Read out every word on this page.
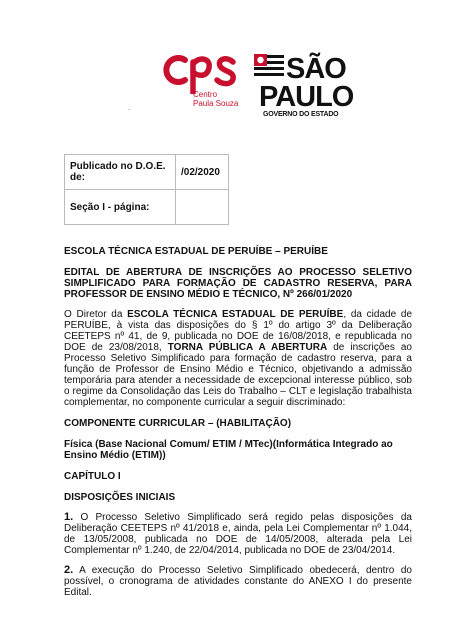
Centro
Paula Souza
SÃO
PAULO
GOVERNO DO ESTADO
.
Publicado no D.O.E. de:	/02/2020
Seção I - página:	

ESCOLA TÉCNICA ESTADUAL DE PERUÍBE – PERUÍBE

EDITAL DE ABERTURA DE INSCRIÇÕES AO PROCESSO SELETIVO SIMPLIFICADO PARA FORMAÇÃO DE CADASTRO RESERVA, PARA PROFESSOR DE ENSINO MÉDIO E TÉCNICO, Nº 266/01/2020

O Diretor da ESCOLA TÉCNICA ESTADUAL DE PERUÍBE, da cidade de PERUÍBE, à vista das disposições do § 1º do artigo 3º da Deliberação CEETEPS nº 41, de 9, publicada no DOE de 16/08/2018, e republicada no DOE de 23/08/2018, TORNA PÚBLICA A ABERTURA de inscrições ao Processo Seletivo Simplificado para formação de cadastro reserva, para a função de Professor de Ensino Médio e Técnico, objetivando a admissão temporária para atender a necessidade de excepcional interesse público, sob o regime da Consolidação das Leis do Trabalho – CLT e legislação trabalhista complementar, no componente curricular a seguir discriminado:

COMPONENTE CURRICULAR – (HABILITAÇÃO)

Física (Base Nacional Comum/ ETIM / MTec)(Informática Integrado ao Ensino Médio (ETIM))

CAPÍTULO I

DISPOSIÇÕES INICIAIS

1. O Processo Seletivo Simplificado será regido pelas disposições da Deliberação CEETEPS nº 41/2018 e, ainda, pela Lei Complementar nº 1.044, de 13/05/2008, publicada no DOE de 14/05/2008, alterada pela Lei Complementar nº 1.240, de 22/04/2014, publicada no DOE de 23/04/2014.

2. A execução do Processo Seletivo Simplificado obedecerá, dentro do possível, o cronograma de atividades constante do ANEXO I do presente Edital.
